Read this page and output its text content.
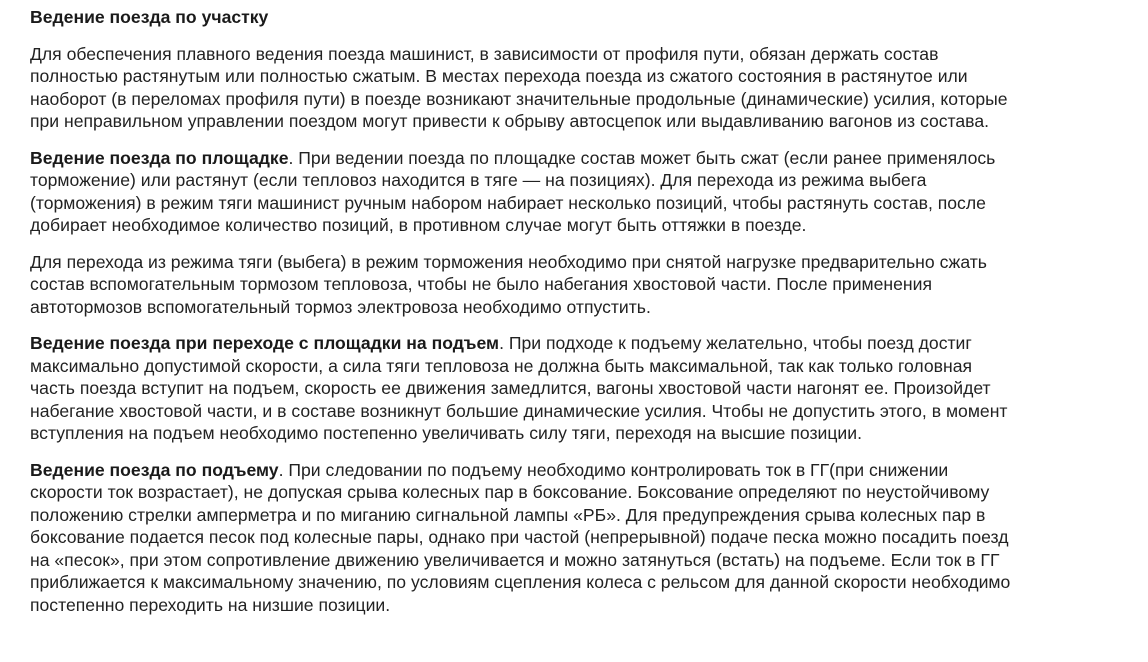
Ведение поезда по участку
Для обеспечения плавного ведения поезда машинист, в зависимости от профиля пути, обязан держать состав
полностью растянутым или полностью сжатым. В местах перехода поезда из сжатого состояния в растянутое или
наоборот (в переломах профиля пути) в поезде возникают значительные продольные (динамические) усилия, которые
при неправильном управлении поездом могут привести к обрыву автосцепок или выдавливанию вагонов из состава.
Ведение поезда по площадке. При ведении поезда по площадке состав может быть сжат (если ранее применялось
торможение) или растянут (если тепловоз находится в тяге — на позициях). Для перехода из режима выбега
(торможения) в режим тяги машинист ручным набором набирает несколько позиций, чтобы растянуть состав, после
добирает необходимое количество позиций, в противном случае могут быть оттяжки в поезде.
Для перехода из режима тяги (выбега) в режим торможения необходимо при снятой нагрузке предварительно сжать
состав вспомогательным тормозом тепловоза, чтобы не было набегания хвостовой части. После применения
автотормозов вспомогательный тормоз электровоза необходимо отпустить.
Ведение поезда при переходе с площадки на подъем. При подходе к подъему желательно, чтобы поезд достиг
максимально допустимой скорости, а сила тяги тепловоза не должна быть максимальной, так как только головная
часть поезда вступит на подъем, скорость ее движения замедлится, вагоны хвостовой части нагонят ее. Произойдет
набегание хвостовой части, и в составе возникнут большие динамические усилия. Чтобы не допустить этого, в момент
вступления на подъем необходимо постепенно увеличивать силу тяги, переходя на высшие позиции.
Ведение поезда по подъему. При следовании по подъему необходимо контролировать ток в ГГ(при снижении
скорости ток возрастает), не допуская срыва колесных пар в боксование. Боксование определяют по неустойчивому
положению стрелки амперметра и по миганию сигнальной лампы «РБ». Для предупреждения срыва колесных пар в
боксование подается песок под колесные пары, однако при частой (непрерывной) подаче песка можно посадить поезд
на «песок», при этом сопротивление движению увеличивается и можно затянуться (встать) на подъеме. Если ток в ГГ
приближается к максимальному значению, по условиям сцепления колеса с рельсом для данной скорости необходимо
постепенно переходить на низшие позиции.
